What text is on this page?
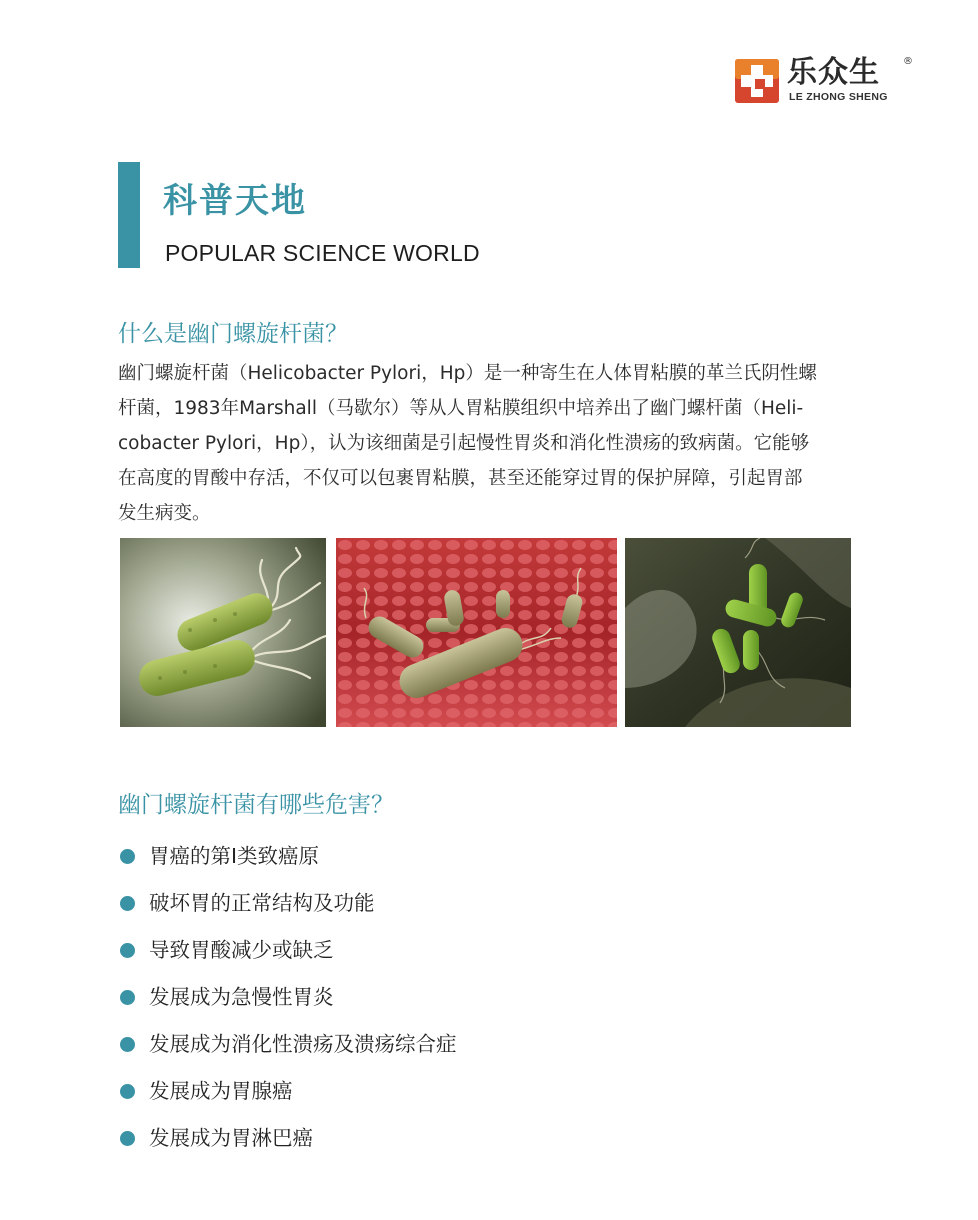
乐众生 ®
LE ZHONG SHENG
科普天地
POPULAR SCIENCE WORLD
什么是幽门螺旋杆菌？
幽门螺旋杆菌（Helicobacter Pylori，Hp）是一种寄生在人体胃粘膜的革兰氏阴性螺
杆菌，1983年Marshall（马歇尔）等从人胃粘膜组织中培养出了幽门螺杆菌（Heli-
cobacter Pylori，Hp），认为该细菌是引起慢性胃炎和消化性溃疡的致病菌。它能够
在高度的胃酸中存活，不仅可以包裹胃粘膜，甚至还能穿过胃的保护屏障，引起胃部
发生病变。
幽门螺旋杆菌有哪些危害？
胃癌的第Ⅰ类致癌原
破坏胃的正常结构及功能
导致胃酸减少或缺乏
发展成为急慢性胃炎
发展成为消化性溃疡及溃疡综合症
发展成为胃腺癌
发展成为胃淋巴癌
